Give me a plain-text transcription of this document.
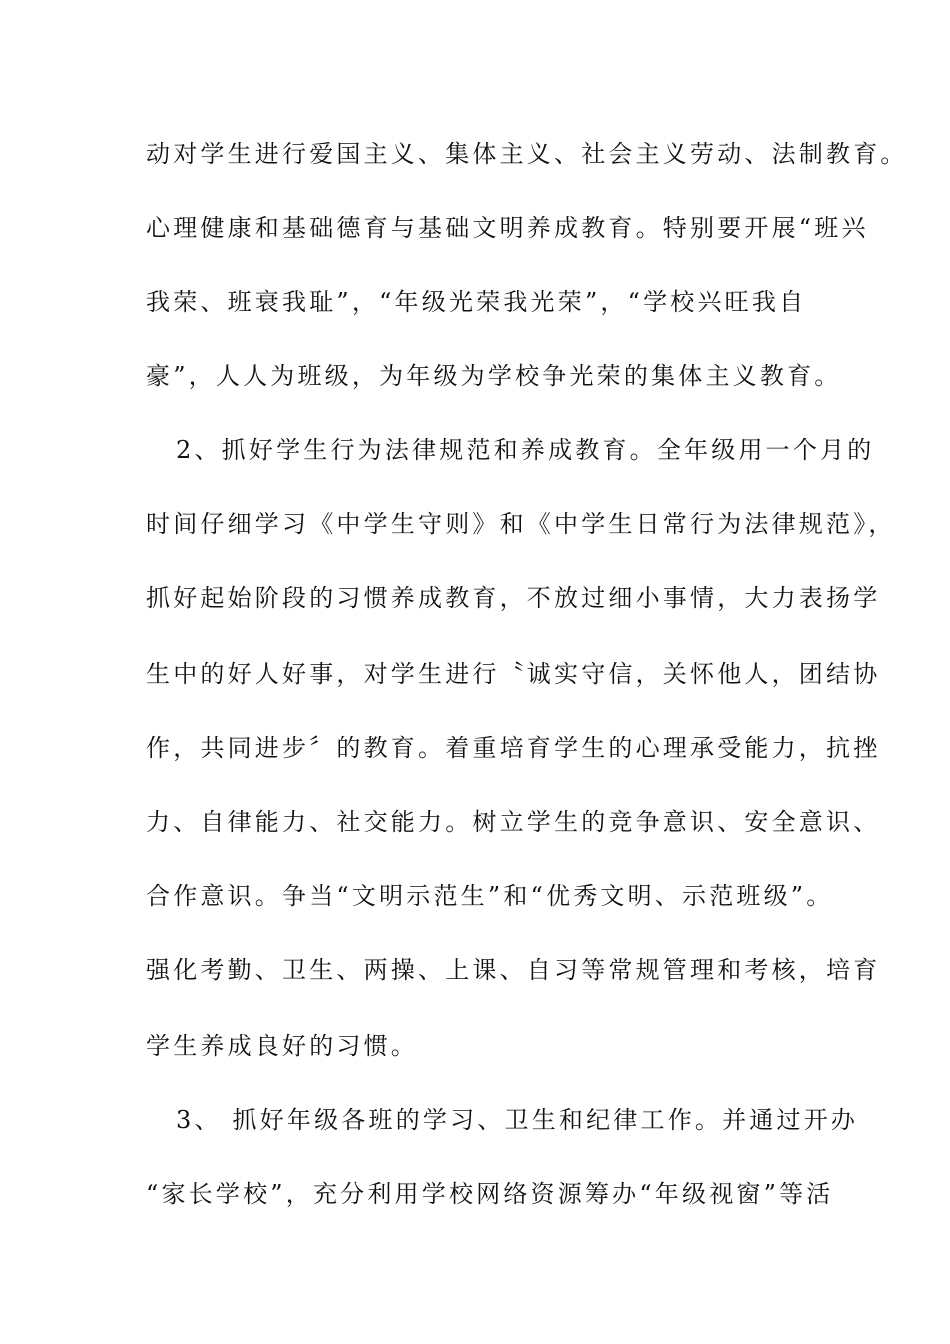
动对学生进行爱国主义、集体主义、社会主义劳动、法制教育。
心理健康和基础德育与基础文明养成教育。特别要开展“班兴
我荣、班衰我耻”，“年级光荣我光荣”，“学校兴旺我自
豪”，人人为班级，为年级为学校争光荣的集体主义教育。
2、抓好学生行为法律规范和养成教育。全年级用一个月的
时间仔细学习《中学生守则》和《中学生日常行为法律规范》，
抓好起始阶段的习惯养成教育，不放过细小事情，大力表扬学
生中的好人好事，对学生进行〝诚实守信，关怀他人，团结协
作，共同进步〞的教育。着重培育学生的心理承受能力，抗挫
力、自律能力、社交能力。树立学生的竞争意识、安全意识、
合作意识。争当“文明示范生”和“优秀文明、示范班级”。
强化考勤、卫生、两操、上课、自习等常规管理和考核，培育
学生养成良好的习惯。
3、 抓好年级各班的学习、卫生和纪律工作。并通过开办
“家长学校”，充分利用学校网络资源筹办“年级视窗”等活
